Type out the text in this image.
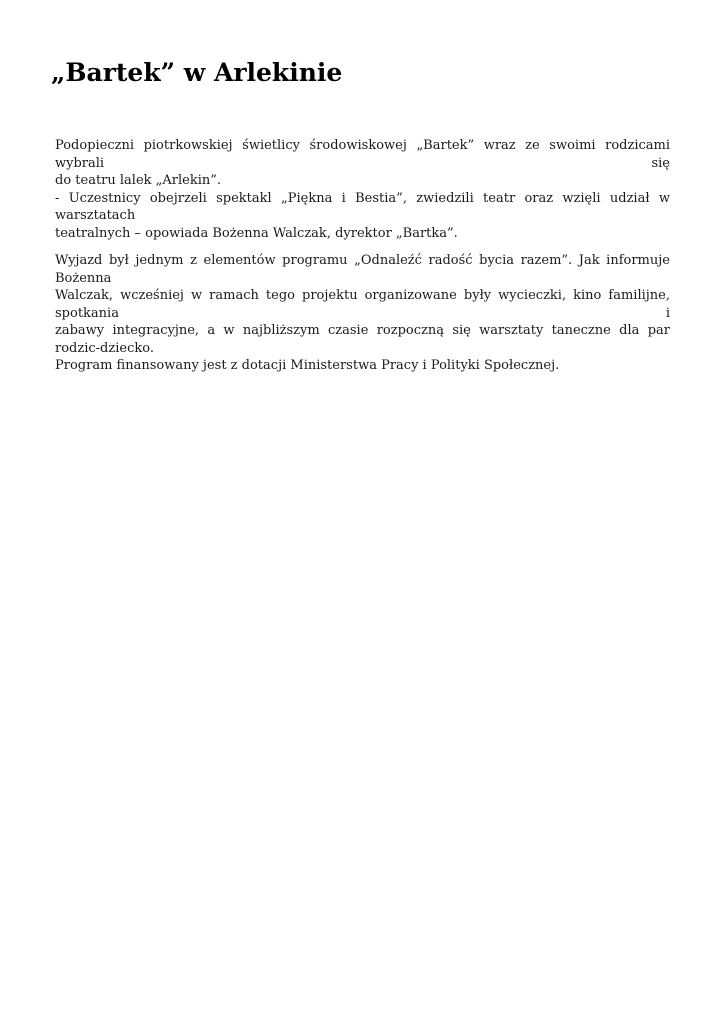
„Bartek” w Arlekinie

Podopieczni piotrkowskiej świetlicy środowiskowej „Bartek” wraz ze swoimi rodzicami wybrali się
do teatru lalek „Arlekin”.
- Uczestnicy obejrzeli spektakl „Piękna i Bestia”, zwiedzili teatr oraz wzięli udział w warsztatach
teatralnych – opowiada Bożenna Walczak, dyrektor „Bartka”.

Wyjazd był jednym z elementów programu „Odnaleźć radość bycia razem”. Jak informuje Bożenna
Walczak, wcześniej w ramach tego projektu organizowane były wycieczki, kino familijne, spotkania i
zabawy integracyjne, a w najbliższym czasie rozpoczną się warsztaty taneczne dla par
rodzic-dziecko.
Program finansowany jest z dotacji Ministerstwa Pracy i Polityki Społecznej.
